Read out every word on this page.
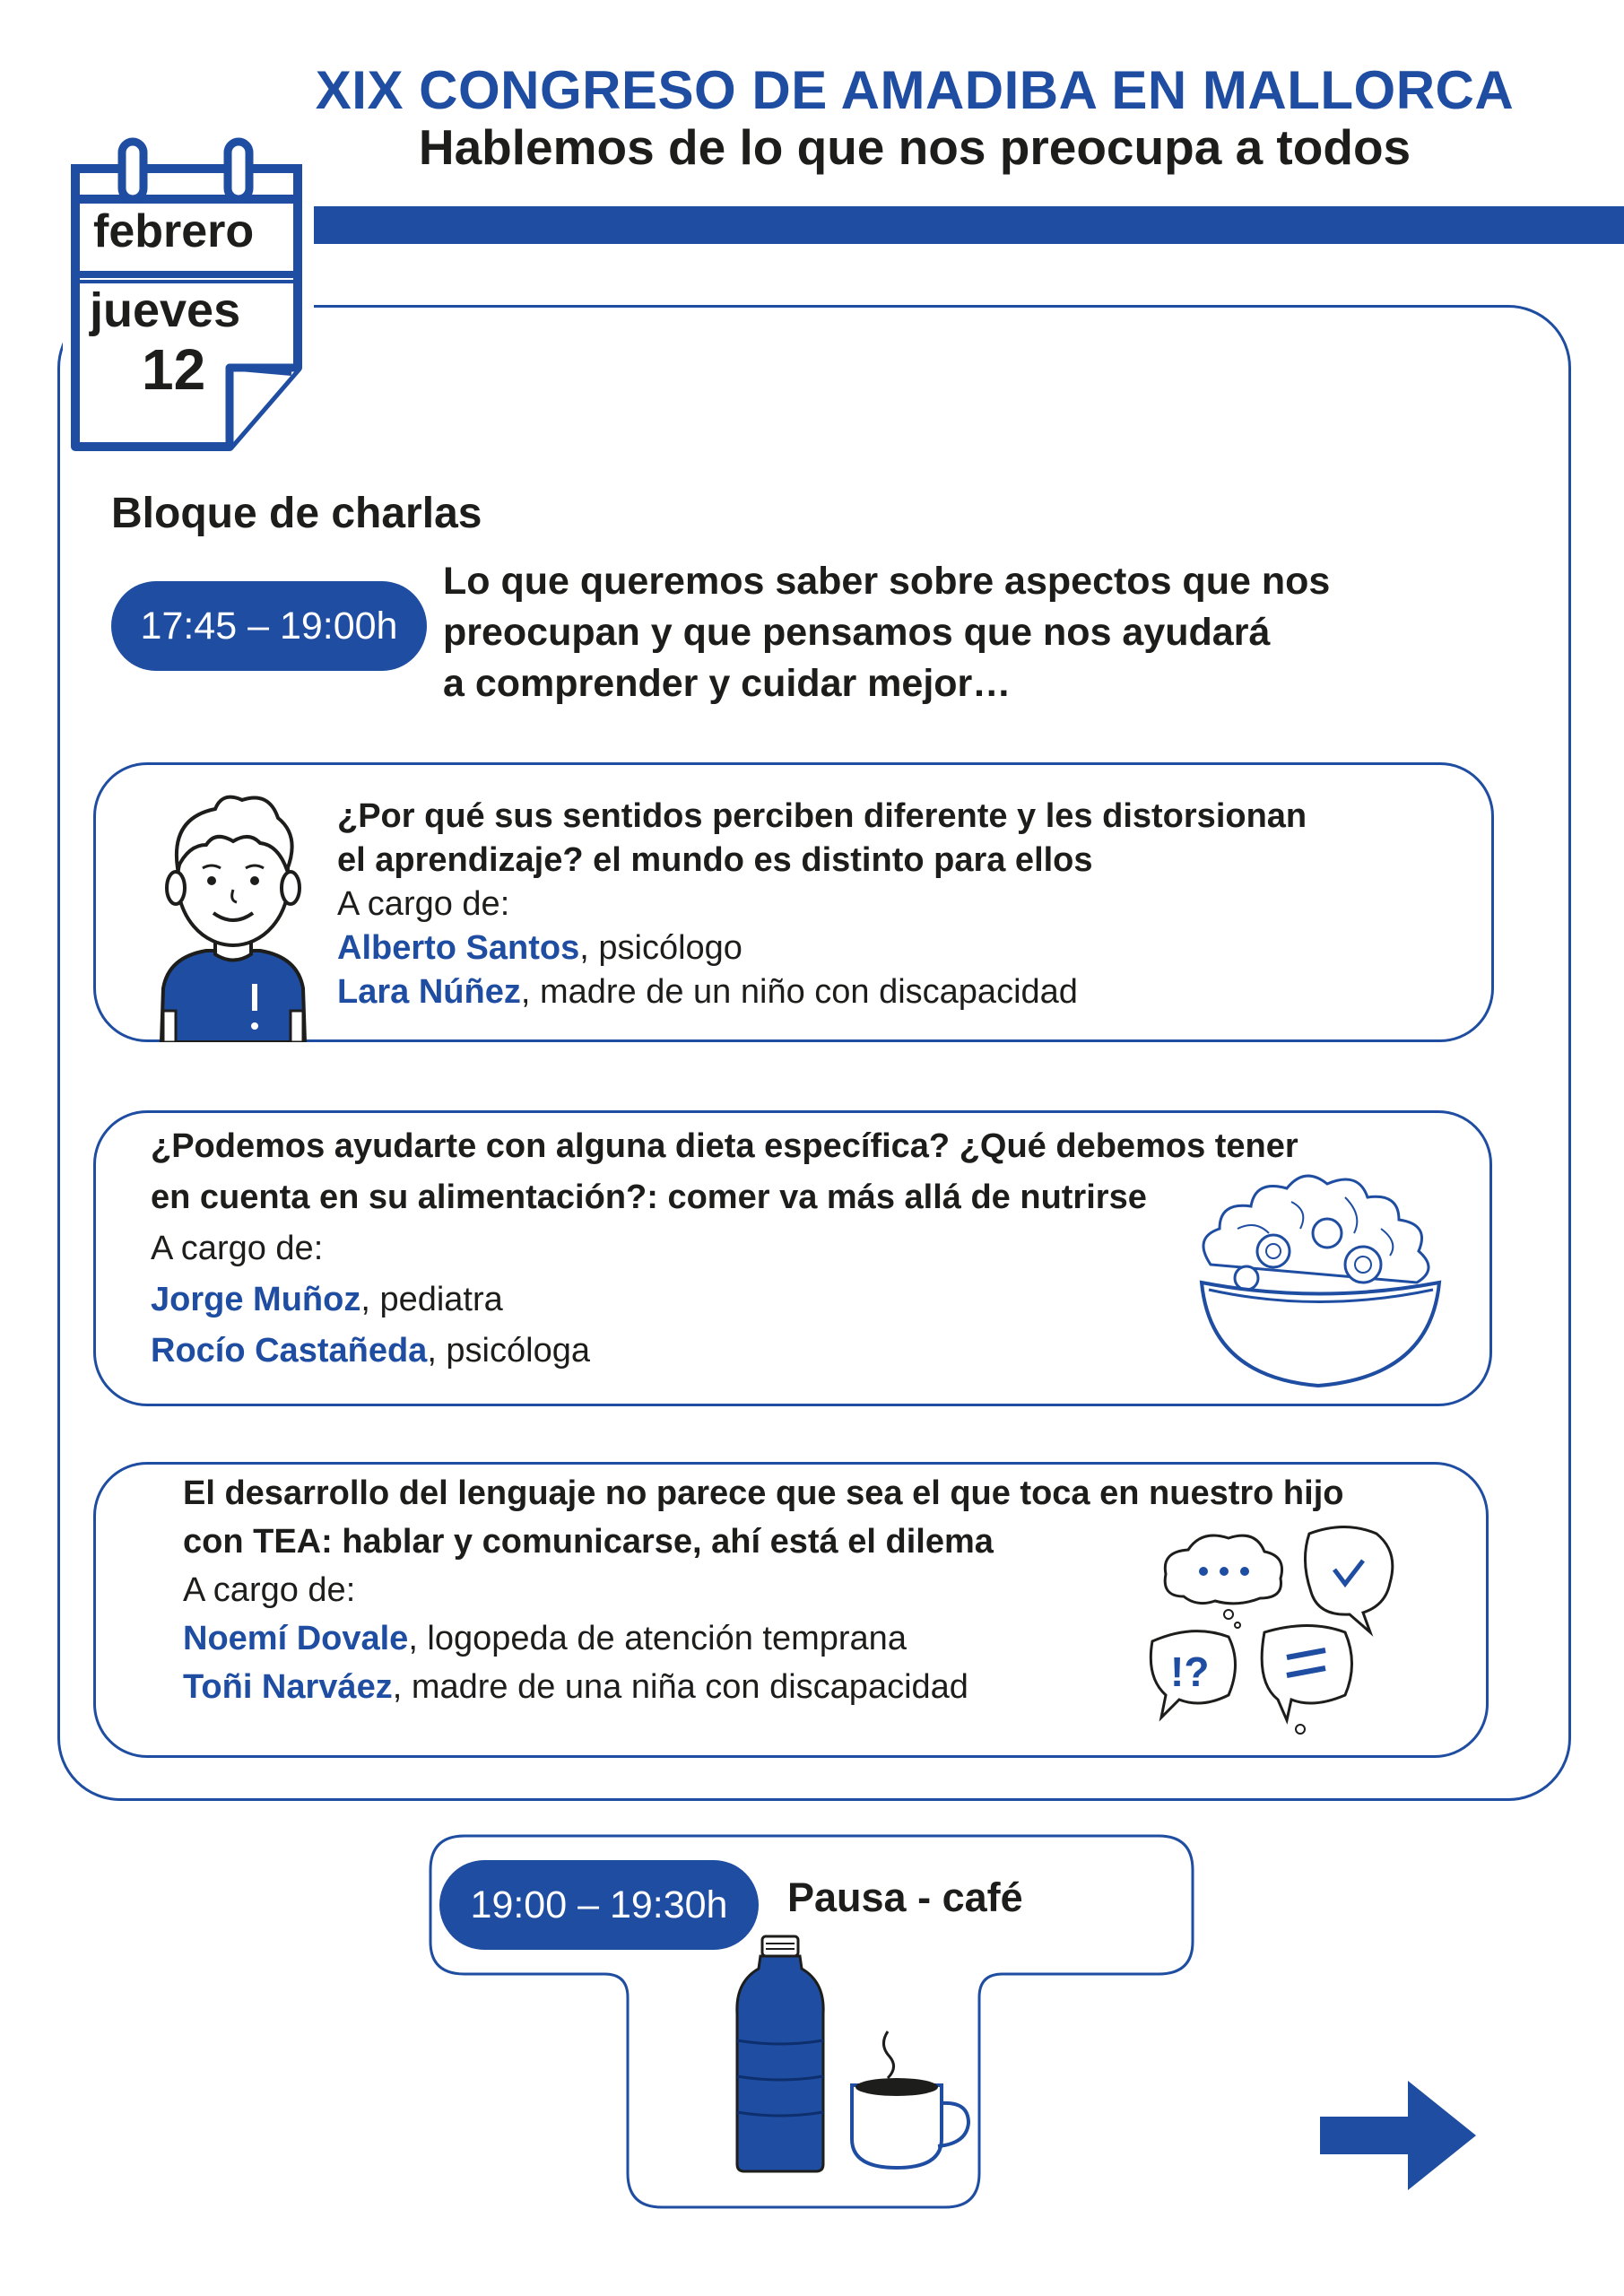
XIX CONGRESO DE AMADIBA EN MALLORCA
Hablemos de lo que nos preocupa a todos
febrero
jueves
12
Bloque de charlas
17:45 – 19:00h
Lo que queremos saber sobre aspectos que nos
preocupan y que pensamos que nos ayudará
a comprender y cuidar mejor…
¿Por qué sus sentidos perciben diferente y les distorsionan
el aprendizaje? el mundo es distinto para ellos
A cargo de:
Alberto Santos, psicólogo
Lara Núñez, madre de un niño con discapacidad
¿Podemos ayudarte con alguna dieta específica? ¿Qué debemos tener
en cuenta en su alimentación?: comer va más allá de nutrirse
A cargo de:
Jorge Muñoz, pediatra
Rocío Castañeda, psicóloga
El desarrollo del lenguaje no parece que sea el que toca en nuestro hijo
con TEA: hablar y comunicarse, ahí está el dilema
A cargo de:
Noemí Dovale, logopeda de atención temprana
Toñi Narváez, madre de una niña con discapacidad	!?
19:00 – 19:30h	Pausa - café
